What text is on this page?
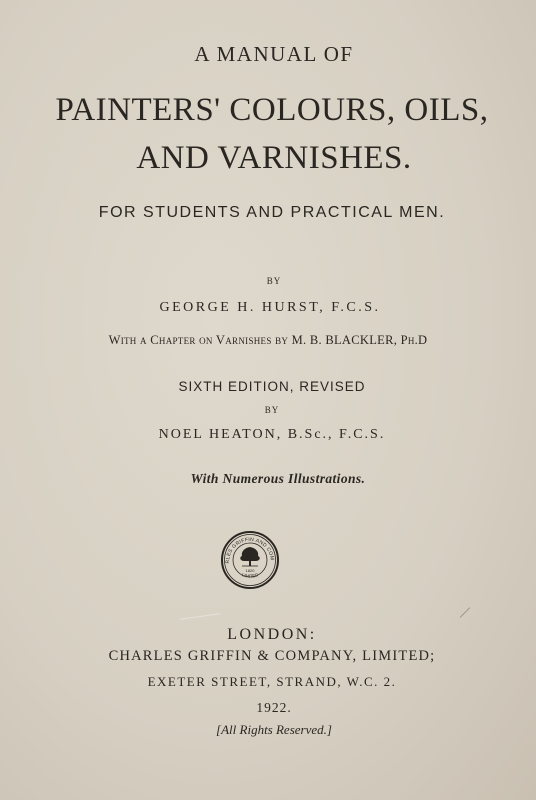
A MANUAL OF
PAINTERS' COLOURS, OILS,
AND VARNISHES.
FOR STUDENTS AND PRACTICAL MEN.
BY
GEORGE H. HURST, F.C.S.
With a Chapter on Varnishes by M. B. BLACKLER, Ph.D
SIXTH EDITION, REVISED
BY
NOEL HEATON, B.Sc., F.C.S.
With Numerous Illustrations.
RLES GRIFFIN AND COM
LIMITED
1820
LONDON:
CHARLES GRIFFIN & COMPANY, LIMITED;
EXETER STREET, STRAND, W.C. 2.
1922.
[All Rights Reserved.]
